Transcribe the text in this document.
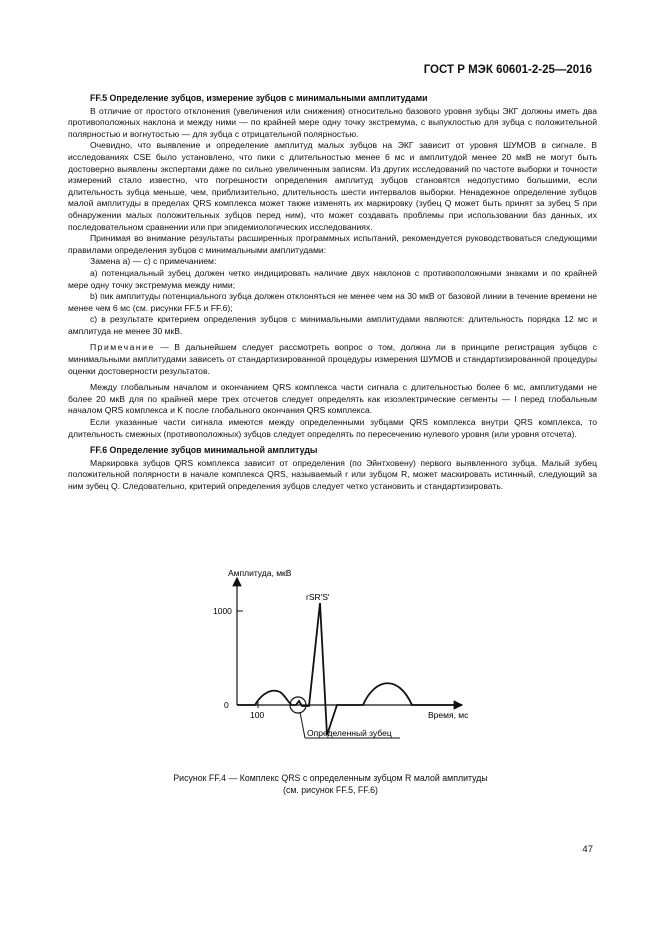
ГОСТ Р МЭК 60601-2-25—2016
FF.5 Определение зубцов, измерение зубцов с минимальными амплитудами

В отличие от простого отклонения (увеличения или снижения) относительно базового уровня зубцы ЭКГ должны иметь два противоположных наклона и между ними — по крайней мере одну точку экстремума, с выпуклостью для зубца с положительной полярностью и вогнутостью — для зубца с отрицательной полярностью.

Очевидно, что выявление и определение амплитуд малых зубцов на ЭКГ зависит от уровня ШУМОВ в сигнале. В исследованиях CSE было установлено, что пики с длительностью менее 6 мс и амплитудой менее 20 мкВ не могут быть достоверно выявлены экспертами даже по сильно увеличенным записям. Из других исследований по частоте выборки и точности измерений стало известно, что погрешности определения амплитуд зубцов становятся недопустимо большими, если длительность зубца меньше, чем, приблизительно, длительность шести интервалов выборки. Ненадежное определение зубцов малой амплитуды в пределах QRS комплекса может также изменять их маркировку (зубец Q может быть принят за зубец S при обнаружении малых положительных зубцов перед ним), что может создавать проблемы при использовании баз данных, их последовательном сравнении или при эпидемиологических исследованиях.

Принимая во внимание результаты расширенных программных испытаний, рекомендуется руководствоваться следующими правилами определения зубцов с минимальными амплитудами:

Замена а) — с) с примечанием:

a) потенциальный зубец должен четко индицировать наличие двух наклонов с противоположными знаками и по крайней мере одну точку экстремума между ними;

b) пик амплитуды потенциального зубца должен отклоняться не менее чем на 30 мкВ от базовой линии в течение времени не менее чем 6 мс (см. рисунки FF.5 и FF.6);

c) в результате критерием определения зубцов с минимальными амплитудами являются: длительность порядка 12 мс и амплитуда не менее 30 мкВ.

Примечание — В дальнейшем следует рассмотреть вопрос о том, должна ли в принципе регистрация зубцов с минимальными амплитудами зависеть от стандартизированной процедуры измерения ШУМОВ и стандартизированной процедуры оценки достоверности результатов.

Между глобальным началом и окончанием QRS комплекса части сигнала с длительностью более 6 мс, амплитудами не более 20 мкВ для по крайней мере трех отсчетов следует определять как изоэлектрические сегменты — I перед глобальным началом QRS комплекса и K после глобального окончания QRS комплекса.

Если указанные части сигнала имеются между определенными зубцами QRS комплекса внутри QRS комплекса, то длительность смежных (противоположных) зубцов следует определять по пересечению нулевого уровня (или уровня отсчета).

FF.6 Определение зубцов минимальной амплитуды

Маркировка зубцов QRS комплекса зависит от определения (по Эйнтховену) первого выявленного зубца. Малый зубец положительной полярности в начале комплекса QRS, называемый r или зубцом R, может маскировать истинный, следующий за ним зубец Q. Следовательно, критерий определения зубцов следует четко установить и стандартизировать.

Амплитуда, мкВ
1000
0
100	Время, мс
rSR'S'
Определенный зубец
Рисунок FF.4 — Комплекс QRS с определенным зубцом R малой амплитуды
(см. рисунок FF.5, FF.6)
47
